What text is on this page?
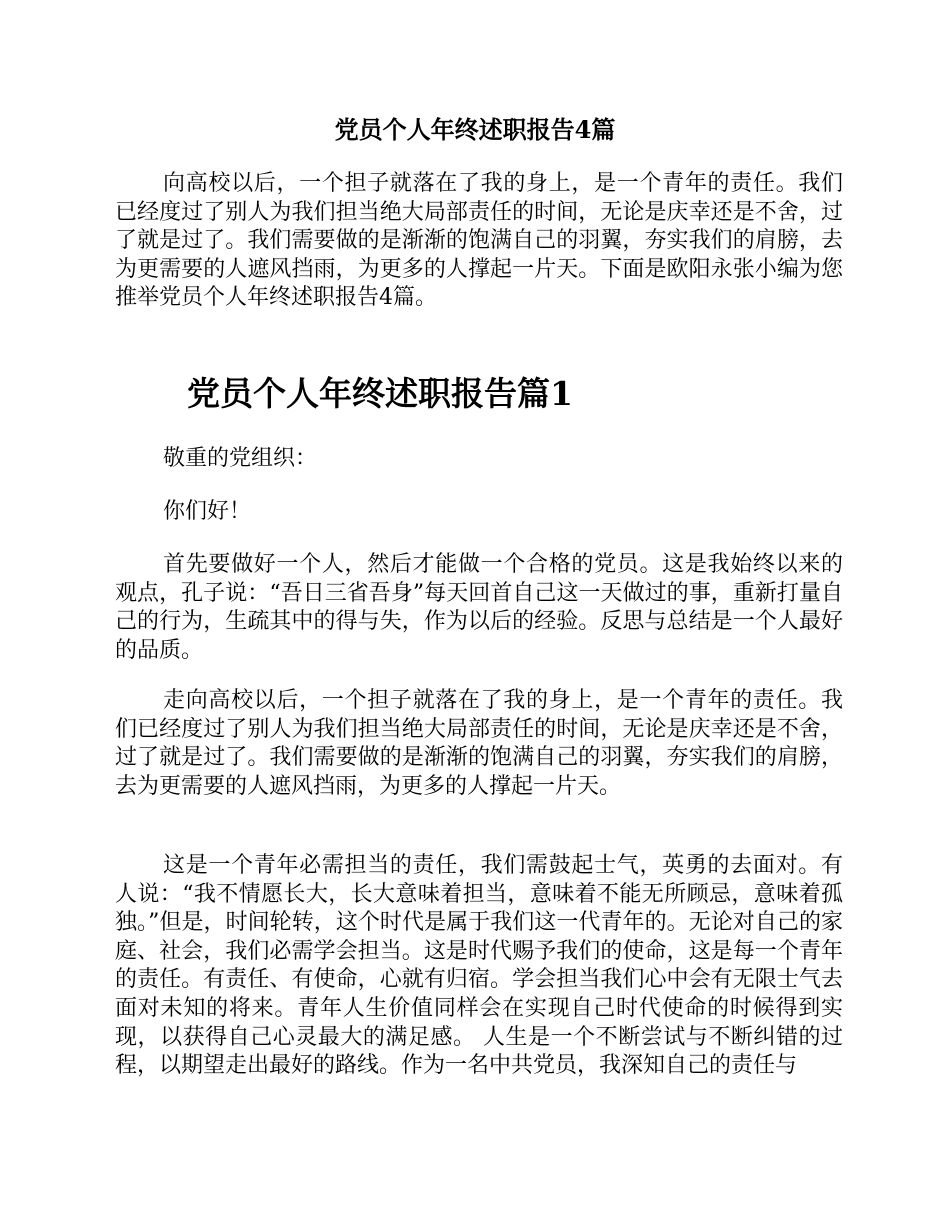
党员个人年终述职报告4篇

向高校以后，一个担子就落在了我的身上，是一个青年的责任。我们已经度过了别人为我们担当绝大局部责任的时间，无论是庆幸还是不舍，过了就是过了。我们需要做的是渐渐的饱满自己的羽翼，夯实我们的肩膀，去为更需要的人遮风挡雨，为更多的人撑起一片天。下面是欧阳永张小编为您推举党员个人年终述职报告4篇。

党员个人年终述职报告篇1

敬重的党组织：

你们好！

首先要做好一个人，然后才能做一个合格的党员。这是我始终以来的观点，孔子说：“吾日三省吾身”每天回首自己这一天做过的事，重新打量自己的行为，生疏其中的得与失，作为以后的经验。反思与总结是一个人最好的品质。

走向高校以后，一个担子就落在了我的身上，是一个青年的责任。我们已经度过了别人为我们担当绝大局部责任的时间，无论是庆幸还是不舍，过了就是过了。我们需要做的是渐渐的饱满自己的羽翼，夯实我们的肩膀，去为更需要的人遮风挡雨，为更多的人撑起一片天。

这是一个青年必需担当的责任，我们需鼓起士气，英勇的去面对。有人说：“我不情愿长大，长大意味着担当，意味着不能无所顾忌，意味着孤独。”但是，时间轮转，这个时代是属于我们这一代青年的。无论对自己的家庭、社会，我们必需学会担当。这是时代赐予我们的使命，这是每一个青年的责任。有责任、有使命，心就有归宿。学会担当我们心中会有无限士气去面对未知的将来。青年人生价值同样会在实现自己时代使命的时候得到实现，以获得自己心灵最大的满足感。 人生是一个不断尝试与不断纠错的过程，以期望走出最好的路线。作为一名中共党员，我深知自己的责任与
